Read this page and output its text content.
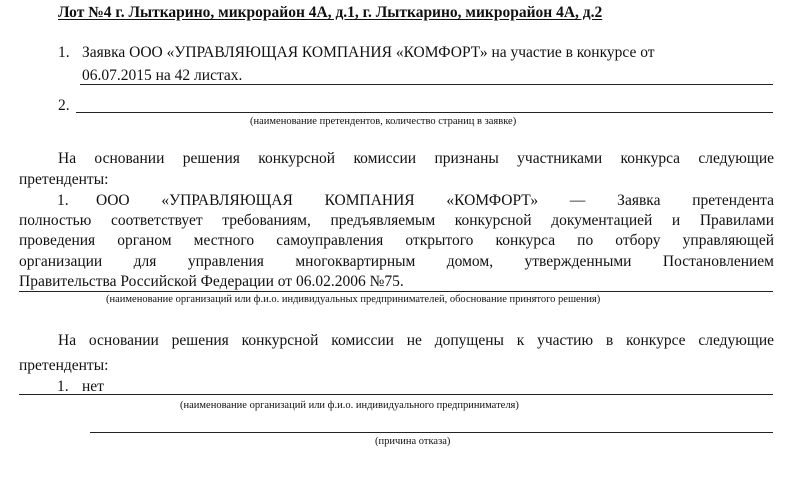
Лот №4 г. Лыткарино, микрорайон 4А, д.1, г. Лыткарино, микрорайон 4А, д.2
1. Заявка ООО «УПРАВЛЯЮЩАЯ КОМПАНИЯ «КОМФОРТ» на участие в конкурсе от
06.07.2015 на 42 листах.
2.
(наименование претендентов, количество страниц в заявке)
На основании решения конкурсной комиссии признаны участниками конкурса следующие
претенденты:
1. ООО «УПРАВЛЯЮЩАЯ КОМПАНИЯ «КОМФОРТ» — Заявка претендента
полностью соответствует требованиям, предъявляемым конкурсной документацией и Правилами
проведения органом местного самоуправления открытого конкурса по отбору управляющей
организации для управления многоквартирным домом, утвержденными Постановлением
Правительства Российской Федерации от 06.02.2006 №75.
(наименование организаций или ф.и.о. индивидуальных предпринимателей, обоснование принятого решения)
На основании решения конкурсной комиссии не допущены к участию в конкурсе следующие
претенденты:
1. нет
(наименование организаций или ф.и.о. индивидуального предпринимателя)
(причина отказа)
